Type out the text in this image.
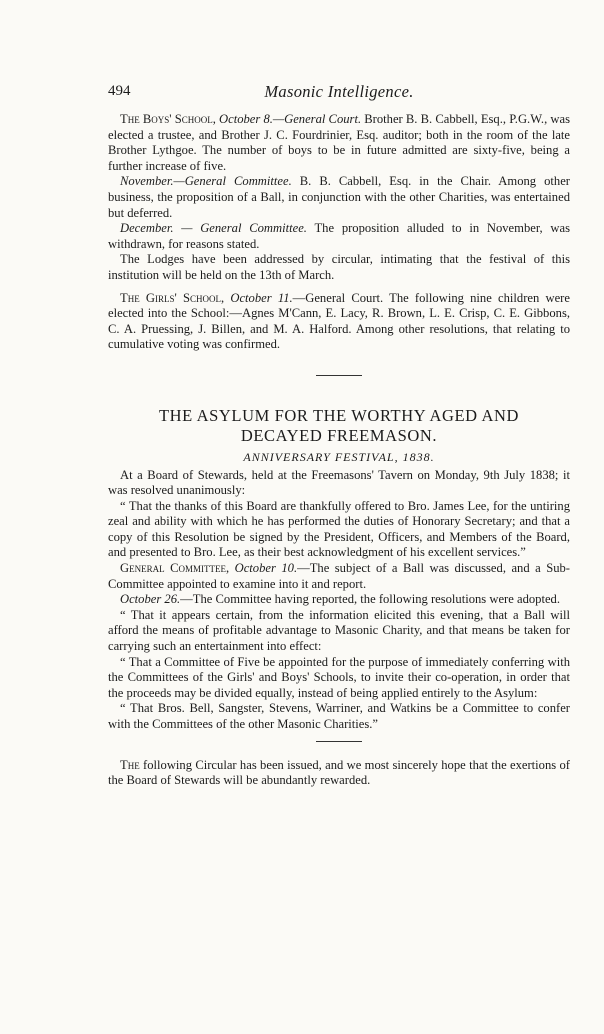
494	Masonic Intelligence.

The Boys' School, October 8.—General Court. Brother B. B. Cabbell, Esq., P.G.W., was elected a trustee, and Brother J. C. Fourdrinier, Esq. auditor; both in the room of the late Brother Lythgoe. The number of boys to be in future admitted are sixty-five, being a further increase of five.

November.—General Committee. B. B. Cabbell, Esq. in the Chair. Among other business, the proposition of a Ball, in conjunction with the other Charities, was entertained but deferred.

December. — General Committee. The proposition alluded to in November, was withdrawn, for reasons stated.

The Lodges have been addressed by circular, intimating that the festival of this institution will be held on the 13th of March.

The Girls' School, October 11.—General Court. The following nine children were elected into the School:—Agnes M'Cann, E. Lacy, R. Brown, L. E. Crisp, C. E. Gibbons, C. A. Pruessing, J. Billen, and M. A. Halford. Among other resolutions, that relating to cumulative voting was confirmed.

THE ASYLUM FOR THE WORTHY AGED AND
DECAYED FREEMASON.
ANNIVERSARY FESTIVAL, 1838.

At a Board of Stewards, held at the Freemasons' Tavern on Monday, 9th July 1838; it was resolved unanimously:

“ That the thanks of this Board are thankfully offered to Bro. James Lee, for the untiring zeal and ability with which he has performed the duties of Honorary Secretary; and that a copy of this Resolution be signed by the President, Officers, and Members of the Board, and presented to Bro. Lee, as their best acknowledgment of his excellent services.”

General Committee, October 10.—The subject of a Ball was discussed, and a Sub-Committee appointed to examine into it and report.

October 26.—The Committee having reported, the following resolutions were adopted.

“ That it appears certain, from the information elicited this evening, that a Ball will afford the means of profitable advantage to Masonic Charity, and that means be taken for carrying such an entertainment into effect:

“ That a Committee of Five be appointed for the purpose of immediately conferring with the Committees of the Girls' and Boys' Schools, to invite their co-operation, in order that the proceeds may be divided equally, instead of being applied entirely to the Asylum:

“ That Bros. Bell, Sangster, Stevens, Warriner, and Watkins be a Committee to confer with the Committees of the other Masonic Charities.”

The following Circular has been issued, and we most sincerely hope that the exertions of the Board of Stewards will be abundantly rewarded.
